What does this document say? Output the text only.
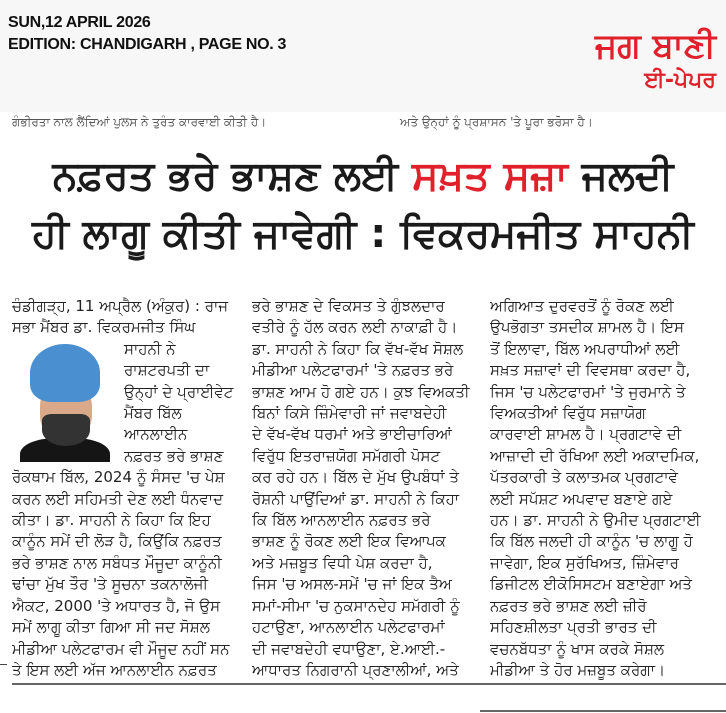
SUN,12 APRIL 2026
EDITION: CHANDIGARH , PAGE NO. 3	ਜਗ ਬਾਣੀ
ਈ-ਪੇਪਰ
ਗੰਭੀਰਤਾ ਨਾਲ ਲੈਂਦਿਆਂ ਪੁਲਸ ਨੇ ਤੁਰੰਤ ਕਾਰਵਾਈ ਕੀਤੀ ਹੈ।	ਅਤੇ ਉਨ੍ਹਾਂ ਨੂੰ ਪ੍ਰਸ਼ਾਸਨ 'ਤੇ ਪੂਰਾ ਭਰੋਸਾ ਹੈ।
ਨਫ਼ਰਤ ਭਰੇ ਭਾਸ਼ਣ ਲਈ ਸਖ਼ਤ ਸਜ਼ਾ ਜਲਦੀ
ਹੀ ਲਾਗੂ ਕੀਤੀ ਜਾਵੇਗੀ : ਵਿਕਰਮਜੀਤ ਸਾਹਨੀ
ਚੰਡੀਗੜ੍ਹ, 11 ਅਪ੍ਰੈਲ (ਅੰਕੁਰ) : ਰਾਜ
ਸਭਾ ਮੈਂਬਰ ਡਾ. ਵਿਕਰਮਜੀਤ ਸਿੰਘ
ਸਾਹਨੀ ਨੇ
ਰਾਸ਼ਟਰਪਤੀ ਦਾ
ਉਨ੍ਹਾਂ ਦੇ ਪ੍ਰਾਈਵੇਟ
ਮੈਂਬਰ ਬਿੱਲ
ਆਨਲਾਈਨ
ਨਫ਼ਰਤ ਭਰੇ ਭਾਸ਼ਣ
ਰੋਕਥਾਮ ਬਿੱਲ, 2024 ਨੂੰ ਸੰਸਦ 'ਚ ਪੇਸ਼
ਕਰਨ ਲਈ ਸਹਿਮਤੀ ਦੇਣ ਲਈ ਧੰਨਵਾਦ
ਕੀਤਾ। ਡਾ. ਸਾਹਨੀ ਨੇ ਕਿਹਾ ਕਿ ਇਹ
ਕਾਨੂੰਨ ਸਮੇਂ ਦੀ ਲੋੜ ਹੈ, ਕਿਉਂਕਿ ਨਫ਼ਰਤ
ਭਰੇ ਭਾਸ਼ਣ ਨਾਲ ਸਬੰਧਤ ਮੌਜੂਦਾ ਕਾਨੂੰਨੀ
ਢਾਂਚਾ ਮੁੱਖ ਤੌਰ 'ਤੇ ਸੂਚਨਾ ਤਕਨਾਲੋਜੀ
ਐਕਟ, 2000 'ਤੇ ਅਧਾਰਤ ਹੈ, ਜੋ ਉਸ
ਸਮੇਂ ਲਾਗੂ ਕੀਤਾ ਗਿਆ ਸੀ ਜਦ ਸੋਸ਼ਲ
ਮੀਡੀਆ ਪਲੇਟਫਾਰਮ ਵੀ ਮੌਜੂਦ ਨਹੀਂ ਸਨ
ਤੇ ਇਸ ਲਈ ਅੱਜ ਆਨਲਾਈਨ ਨਫ਼ਰਤ
ਭਰੇ ਭਾਸ਼ਣ ਦੇ ਵਿਕਸਤ ਤੇ ਗੁੰਝਲਦਾਰ
ਵਤੀਰੇ ਨੂੰ ਹੱਲ ਕਰਨ ਲਈ ਨਾਕਾਫ਼ੀ ਹੈ।
ਡਾ. ਸਾਹਨੀ ਨੇ ਕਿਹਾ ਕਿ ਵੱਖ-ਵੱਖ ਸੋਸ਼ਲ
ਮੀਡੀਆ ਪਲੇਟਫਾਰਮਾਂ 'ਤੇ ਨਫ਼ਰਤ ਭਰੇ
ਭਾਸ਼ਣ ਆਮ ਹੋ ਗਏ ਹਨ। ਕੁਝ ਵਿਅਕਤੀ
ਬਿਨਾਂ ਕਿਸੇ ਜ਼ਿੰਮੇਵਾਰੀ ਜਾਂ ਜਵਾਬਦੇਹੀ
ਦੇ ਵੱਖ-ਵੱਖ ਧਰਮਾਂ ਅਤੇ ਭਾਈਚਾਰਿਆਂ
ਵਿਰੁੱਧ ਇਤਰਾਜ਼ਯੋਗ ਸਮੱਗਰੀ ਪੋਸਟ
ਕਰ ਰਹੇ ਹਨ। ਬਿੱਲ ਦੇ ਮੁੱਖ ਉਪਬੰਧਾਂ ਤੇ
ਰੋਸ਼ਨੀ ਪਾਉਂਦਿਆਂ ਡਾ. ਸਾਹਨੀ ਨੇ ਕਿਹਾ
ਕਿ ਬਿੱਲ ਆਨਲਾਈਨ ਨਫ਼ਰਤ ਭਰੇ
ਭਾਸ਼ਣ ਨੂੰ ਰੋਕਣ ਲਈ ਇਕ ਵਿਆਪਕ
ਅਤੇ ਮਜ਼ਬੂਤ ਵਿਧੀ ਪੇਸ਼ ਕਰਦਾ ਹੈ,
ਜਿਸ 'ਚ ਅਸਲ-ਸਮੇਂ 'ਚ ਜਾਂ ਇਕ ਤੈਅ
ਸਮਾਂ-ਸੀਮਾ 'ਚ ਨੁਕਸਾਨਦੇਹ ਸਮੱਗਰੀ ਨੂੰ
ਹਟਾਉਣਾ, ਆਨਲਾਈਨ ਪਲੇਟਫਾਰਮਾਂ
ਦੀ ਜਵਾਬਦੇਹੀ ਵਧਾਉਣਾ, ਏ.ਆਈ.-
ਆਧਾਰਤ ਨਿਗਰਾਨੀ ਪ੍ਰਣਾਲੀਆਂ, ਅਤੇ
ਅਗਿਆਤ ਦੁਰਵਰਤੋਂ ਨੂੰ ਰੋਕਣ ਲਈ
ਉਪਭੋਗਤਾ ਤਸਦੀਕ ਸ਼ਾਮਲ ਹੈ। ਇਸ
ਤੋਂ ਇਲਾਵਾ, ਬਿੱਲ ਅਪਰਾਧੀਆਂ ਲਈ
ਸਖ਼ਤ ਸਜ਼ਾਵਾਂ ਦੀ ਵਿਵਸਥਾ ਕਰਦਾ ਹੈ,
ਜਿਸ 'ਚ ਪਲੇਟਫਾਰਮਾਂ 'ਤੇ ਜੁਰਮਾਨੇ ਤੇ
ਵਿਅਕਤੀਆਂ ਵਿਰੁੱਧ ਸਜ਼ਾਯੋਗ
ਕਾਰਵਾਈ ਸ਼ਾਮਲ ਹੈ। ਪ੍ਰਗਟਾਵੇ ਦੀ
ਆਜ਼ਾਦੀ ਦੀ ਰੱਖਿਆ ਲਈ ਅਕਾਦਮਿਕ,
ਪੱਤਰਕਾਰੀ ਤੇ ਕਲਾਤਮਕ ਪ੍ਰਗਟਾਵੇ
ਲਈ ਸਪੱਸ਼ਟ ਅਪਵਾਦ ਬਣਾਏ ਗਏ
ਹਨ। ਡਾ. ਸਾਹਨੀ ਨੇ ਉਮੀਦ ਪ੍ਰਗਟਾਈ
ਕਿ ਬਿੱਲ ਜਲਦੀ ਹੀ ਕਾਨੂੰਨ 'ਚ ਲਾਗੂ ਹੋ
ਜਾਵੇਗਾ, ਇਕ ਸੁਰੱਖਿਅਤ, ਜ਼ਿੰਮੇਵਾਰ
ਡਿਜੀਟਲ ਈਕੋਸਿਸਟਮ ਬਣਾਏਗਾ ਅਤੇ
ਨਫ਼ਰਤ ਭਰੇ ਭਾਸ਼ਣ ਲਈ ਜ਼ੀਰੋ
ਸਹਿਣਸ਼ੀਲਤਾ ਪ੍ਰਤੀ ਭਾਰਤ ਦੀ
ਵਚਨਬੱਧਤਾ ਨੂੰ ਖਾਸ ਕਰਕੇ ਸੋਸ਼ਲ
ਮੀਡੀਆ ਤੇ ਹੋਰ ਮਜ਼ਬੂਤ ਕਰੇਗਾ।
